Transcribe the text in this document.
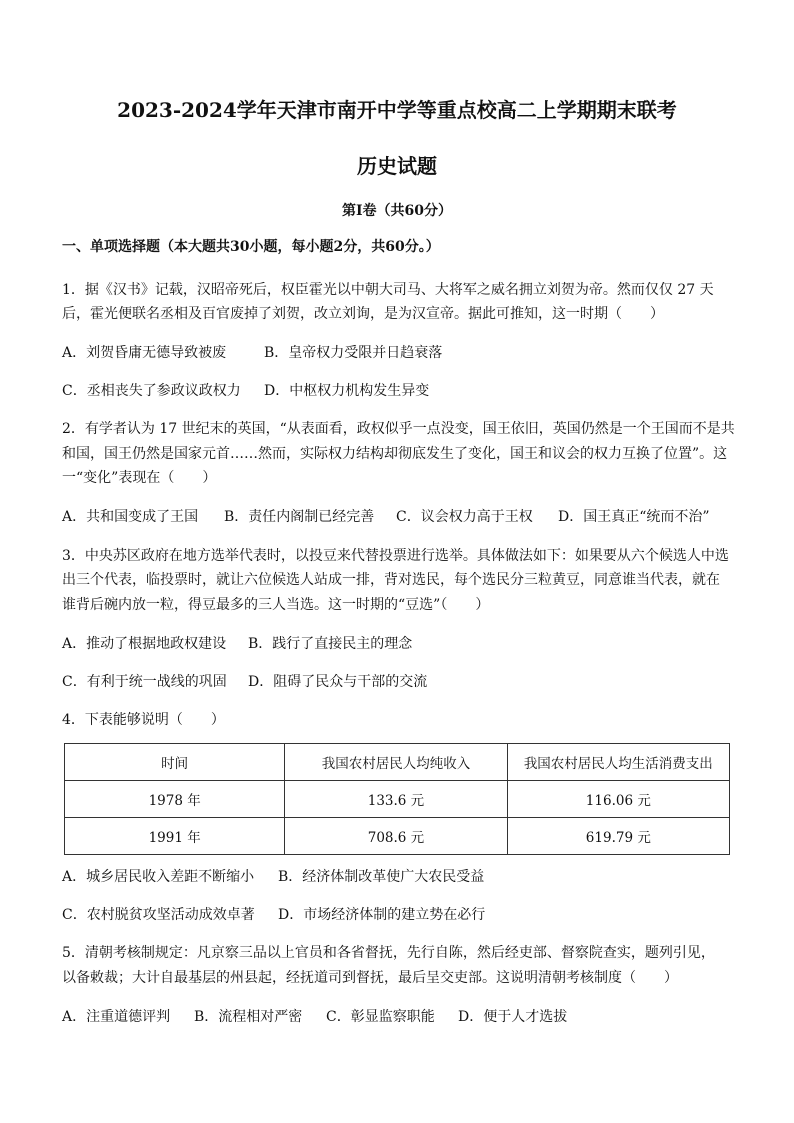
2023-2024学年天津市南开中学等重点校高二上学期期末联考
历史试题
第Ⅰ卷（共60分）
一、单项选择题（本大题共30小题，每小题2分，共60分。）
1．据《汉书》记载，汉昭帝死后，权臣霍光以中朝大司马、大将军之威名拥立刘贺为帝。然而仅仅 27 天
后，霍光便联名丞相及百官废掉了刘贺，改立刘询，是为汉宣帝。据此可推知，这一时期（　　）
A．刘贺昏庸无德导致被废	B．皇帝权力受限并日趋衰落
C．丞相丧失了参政议政权力 D．中枢权力机构发生异变
2．有学者认为 17 世纪末的英国，“从表面看，政权似乎一点没变，国王依旧，英国仍然是一个王国而不是共
和国，国王仍然是国家元首……然而，实际权力结构却彻底发生了变化，国王和议会的权力互换了位置”。这
一“变化”表现在（　　）
A．共和国变成了王国 B．责任内阁制已经完善 C．议会权力高于王权 D．国王真正“统而不治”
3．中央苏区政府在地方选举代表时，以投豆来代替投票进行选举。具体做法如下：如果要从六个候选人中选
出三个代表，临投票时，就让六位候选人站成一排，背对选民，每个选民分三粒黄豆，同意谁当代表，就在
谁背后碗内放一粒，得豆最多的三人当选。这一时期的“豆选”（　　）
A．推动了根据地政权建设 B．践行了直接民主的理念
C．有利于统一战线的巩固 D．阻碍了民众与干部的交流
4．下表能够说明（　　）
时间	我国农村居民人均纯收入	我国农村居民人均生活消费支出
1978 年	133.6 元	116.06 元
1991 年	708.6 元	619.79 元
A．城乡居民收入差距不断缩小 B．经济体制改革使广大农民受益
C．农村脱贫攻坚活动成效卓著 D．市场经济体制的建立势在必行
5．清朝考核制规定：凡京察三品以上官员和各省督抚，先行自陈，然后经吏部、督察院查实，题列引见，
以备敕裁；大计自最基层的州县起，经抚道司到督抚，最后呈交吏部。这说明清朝考核制度（　　）
A．注重道德评判 B．流程相对严密 C．彰显监察职能 D．便于人才选拔
